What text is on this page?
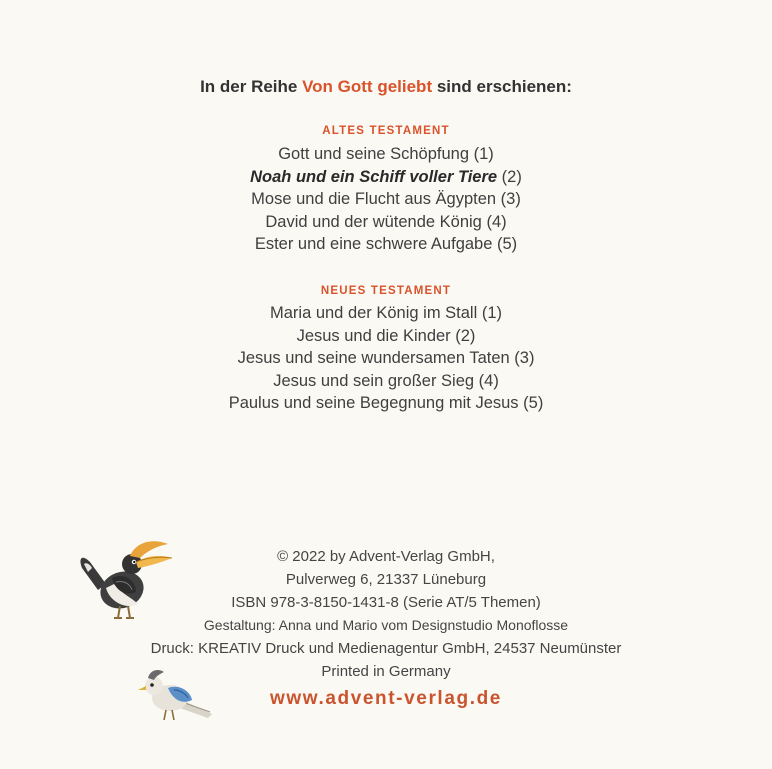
In der Reihe Von Gott geliebt sind erschienen:
ALTES TESTAMENT
Gott und seine Schöpfung (1)
Noah und ein Schiff voller Tiere (2)
Mose und die Flucht aus Ägypten (3)
David und der wütende König (4)
Ester und eine schwere Aufgabe (5)
NEUES TESTAMENT
Maria und der König im Stall (1)
Jesus und die Kinder (2)
Jesus und seine wundersamen Taten (3)
Jesus und sein großer Sieg (4)
Paulus und seine Begegnung mit Jesus (5)
© 2022 by Advent-Verlag GmbH,
Pulverweg 6, 21337 Lüneburg
ISBN 978-3-8150-1431-8 (Serie AT/5 Themen)
Gestaltung: Anna und Mario vom Designstudio Monoflosse
Druck: KREATIV Druck und Medienagentur GmbH, 24537 Neumünster
Printed in Germany
www.advent-verlag.de
